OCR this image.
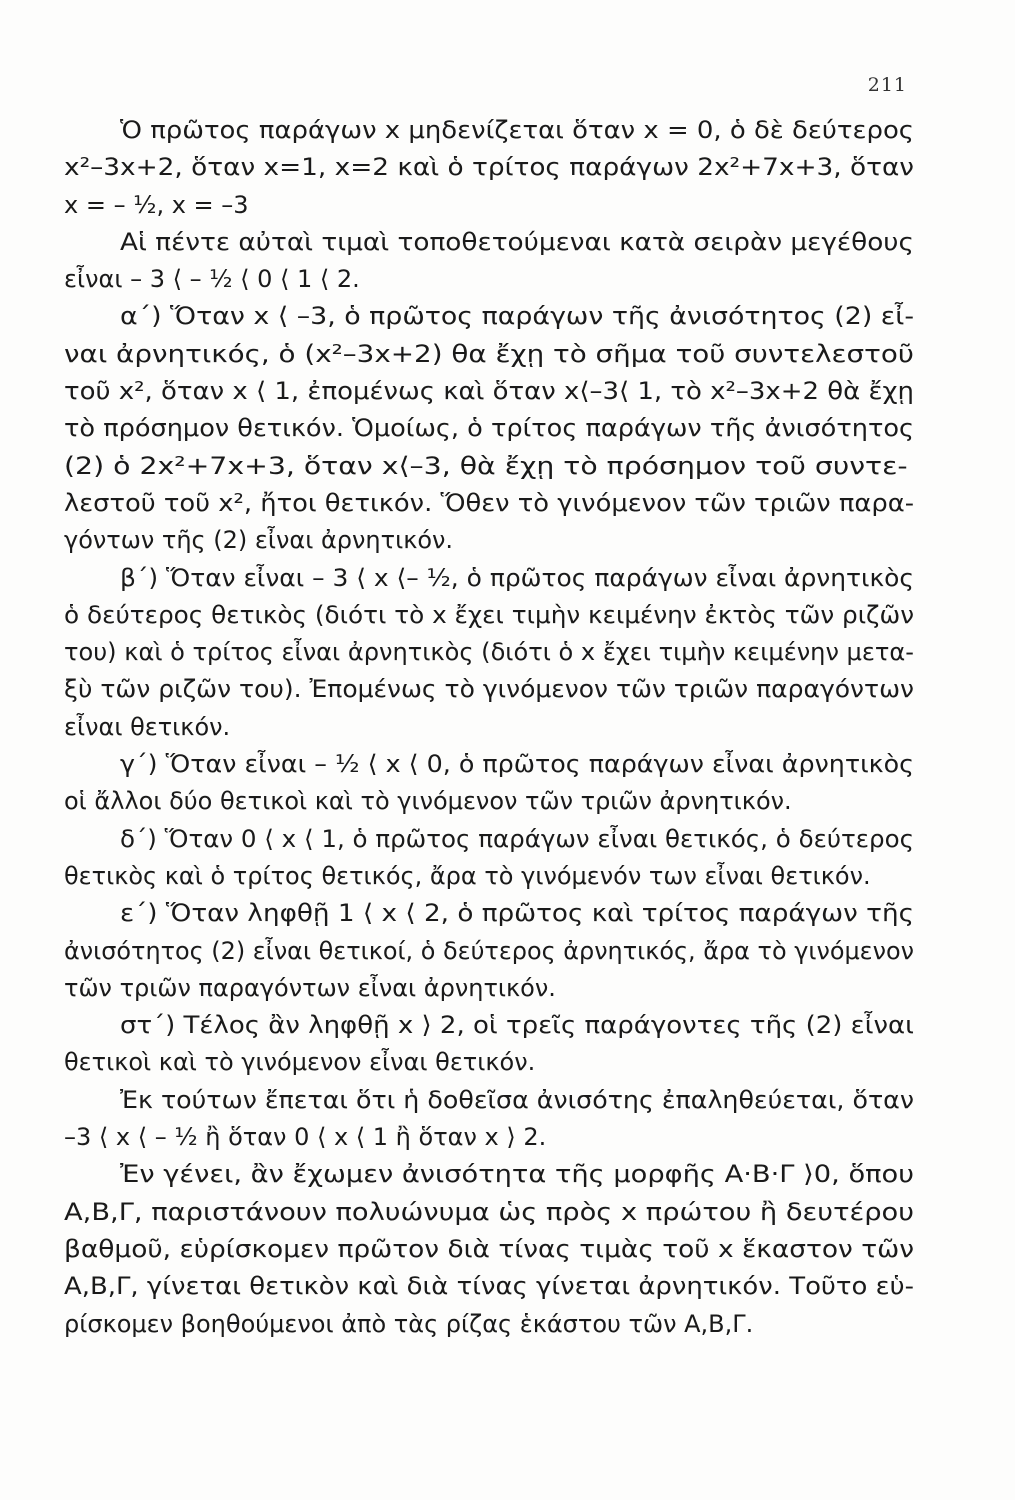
211
Ὁ πρῶτος παράγων x μηδενίζεται ὅταν x = 0, ὁ δὲ δεύτερος
x²–3x+2, ὅταν x=1, x=2 καὶ ὁ τρίτος παράγων 2x²+7x+3, ὅταν
x = – ½, x = –3
Αἱ πέντε αὐταὶ τιμαὶ τοποθετούμεναι κατὰ σειρὰν μεγέθους
εἶναι – 3 ⟨ – ½ ⟨ 0 ⟨ 1 ⟨ 2.
α΄) Ὅταν x ⟨ –3, ὁ πρῶτος παράγων τῆς ἀνισότητος (2) εἶ-
ναι ἀρνητικός, ὁ (x²–3x+2) θα ἔχῃ τὸ σῆμα τοῦ συντελεστοῦ
τοῦ x², ὅταν x ⟨ 1, ἐπομένως καὶ ὅταν x⟨–3⟨ 1, τὸ x²–3x+2 θὰ ἔχῃ
τὸ πρόσημον θετικόν. Ὁμοίως, ὁ τρίτος παράγων τῆς ἀνισότητος
(2) ὁ 2x²+7x+3, ὅταν x⟨–3, θὰ ἔχῃ τὸ πρόσημον τοῦ συντε-
λεστοῦ τοῦ x², ἤτοι θετικόν. Ὅθεν τὸ γινόμενον τῶν τριῶν παρα-
γόντων τῆς (2) εἶναι ἀρνητικόν.
β΄) Ὅταν εἶναι – 3 ⟨ x ⟨– ½, ὁ πρῶτος παράγων εἶναι ἀρνητικὸς
ὁ δεύτερος θετικὸς (διότι τὸ x ἔχει τιμὴν κειμένην ἐκτὸς τῶν ριζῶν
του) καὶ ὁ τρίτος εἶναι ἀρνητικὸς (διότι ὁ x ἔχει τιμὴν κειμένην μετα-
ξὺ τῶν ριζῶν του). Ἐπομένως τὸ γινόμενον τῶν τριῶν παραγόντων
εἶναι θετικόν.
γ΄) Ὅταν εἶναι – ½ ⟨ x ⟨ 0, ὁ πρῶτος παράγων εἶναι ἀρνητικὸς
οἱ ἄλλοι δύο θετικοὶ καὶ τὸ γινόμενον τῶν τριῶν ἀρνητικόν.
δ΄) Ὅταν 0 ⟨ x ⟨ 1, ὁ πρῶτος παράγων εἶναι θετικός, ὁ δεύτερος
θετικὸς καὶ ὁ τρίτος θετικός, ἄρα τὸ γινόμενόν των εἶναι θετικόν.
ε΄) Ὅταν ληφθῇ 1 ⟨ x ⟨ 2, ὁ πρῶτος καὶ τρίτος παράγων τῆς
ἀνισότητος (2) εἶναι θετικοί, ὁ δεύτερος ἀρνητικός, ἄρα τὸ γινόμενον
τῶν τριῶν παραγόντων εἶναι ἀρνητικόν.
στ΄) Τέλος ἂν ληφθῇ x ⟩ 2, οἱ τρεῖς παράγοντες τῆς (2) εἶναι
θετικοὶ καὶ τὸ γινόμενον εἶναι θετικόν.
Ἐκ τούτων ἔπεται ὅτι ἡ δοθεῖσα ἀνισότης ἐπαληθεύεται, ὅταν
–3 ⟨ x ⟨ – ½ ἢ ὅταν 0 ⟨ x ⟨ 1 ἢ ὅταν x ⟩ 2.
Ἐν γένει, ἂν ἔχωμεν ἀνισότητα τῆς μορφῆς Α·Β·Γ ⟩0, ὅπου
Α,Β,Γ, παριστάνουν πολυώνυμα ὡς πρὸς x πρώτου ἢ δευτέρου
βαθμοῦ, εὑρίσκομεν πρῶτον διὰ τίνας τιμὰς τοῦ x ἕκαστον τῶν
Α,Β,Γ, γίνεται θετικὸν καὶ διὰ τίνας γίνεται ἀρνητικόν. Τοῦτο εὑ-
ρίσκομεν βοηθούμενοι ἀπὸ τὰς ρίζας ἑκάστου τῶν Α,Β,Γ.
